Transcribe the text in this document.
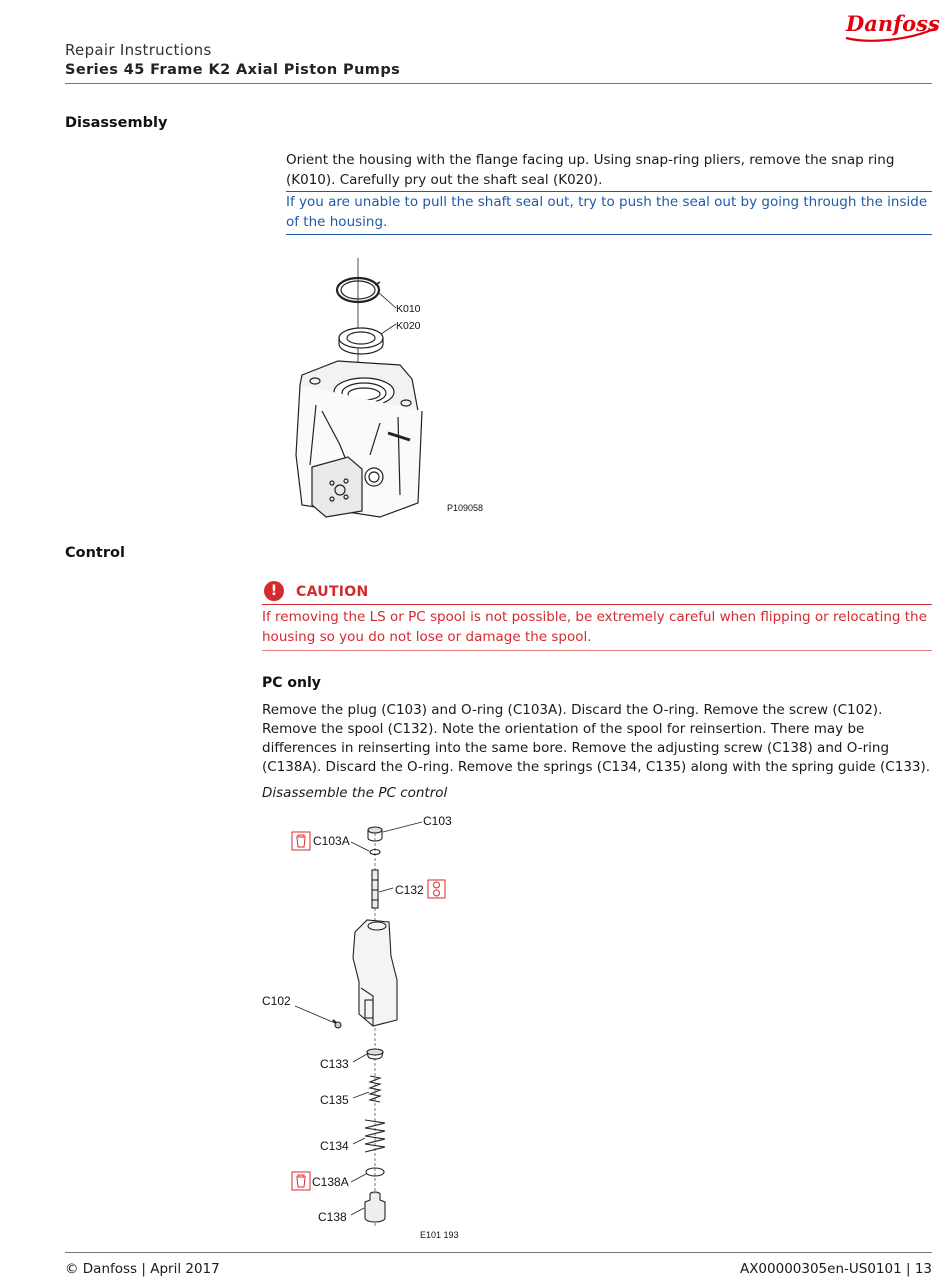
Danfoss
Repair Instructions
Series 45 Frame K2 Axial Piston Pumps
Disassembly
Orient the housing with the flange facing up. Using snap-ring pliers, remove the snap ring (K010). Carefully pry out the shaft seal (K020).
If you are unable to pull the shaft seal out, try to push the seal out by going through the inside of the housing.
K010
K020
P109058
Control
!	CAUTION
If removing the LS or PC spool is not possible, be extremely careful when flipping or relocating the housing so you do not lose or damage the spool.
PC only
Remove the plug (C103) and O-ring (C103A). Discard the O-ring. Remove the screw (C102). Remove the spool (C132). Note the orientation of the spool for reinsertion. There may be differences in reinserting into the same bore. Remove the adjusting screw (C138) and O-ring (C138A). Discard the O-ring. Remove the springs (C134, C135) along with the spring guide (C133).
Disassemble the PC control
C103
C103A
C132
C102
C133
C135
C134
C138A
C138
E101 193
© Danfoss | April 2017	AX00000305en-US0101 | 13
